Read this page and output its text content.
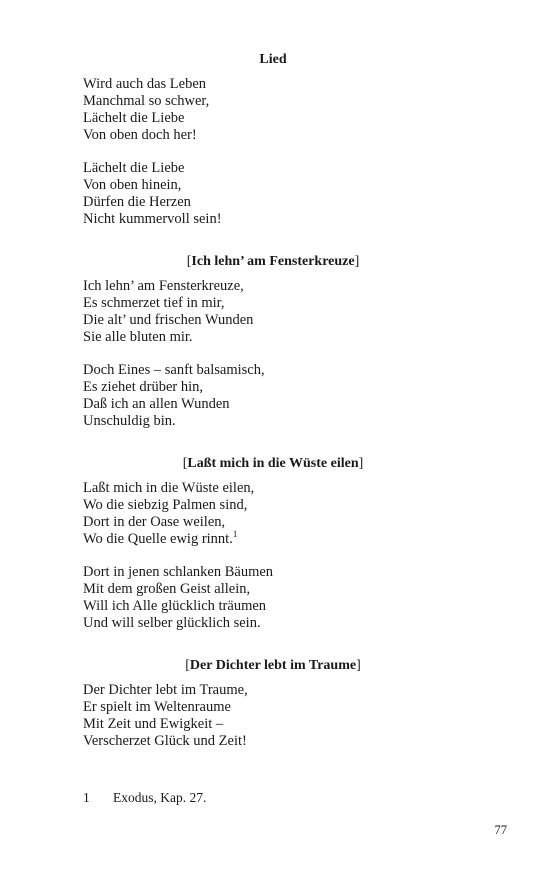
Lied
Wird auch das Leben
Manchmal so schwer,
Lächelt die Liebe
Von oben doch her!
Lächelt die Liebe
Von oben hinein,
Dürfen die Herzen
Nicht kummervoll sein!
[Ich lehn’ am Fensterkreuze]
Ich lehn’ am Fensterkreuze,
Es schmerzet tief in mir,
Die alt’ und frischen Wunden
Sie alle bluten mir.
Doch Eines – sanft balsamisch,
Es ziehet drüber hin,
Daß ich an allen Wunden
Unschuldig bin.
[Laßt mich in die Wüste eilen]
Laßt mich in die Wüste eilen,
Wo die siebzig Palmen sind,
Dort in der Oase weilen,
Wo die Quelle ewig rinnt.$^1$
Dort in jenen schlanken Bäumen
Mit dem großen Geist allein,
Will ich Alle glücklich träumen
Und will selber glücklich sein.
[Der Dichter lebt im Traume]
Der Dichter lebt im Traume,
Er spielt im Weltenraume
Mit Zeit und Ewigkeit –
Verscherzet Glück und Zeit!
1 Exodus, Kap. 27.
77
